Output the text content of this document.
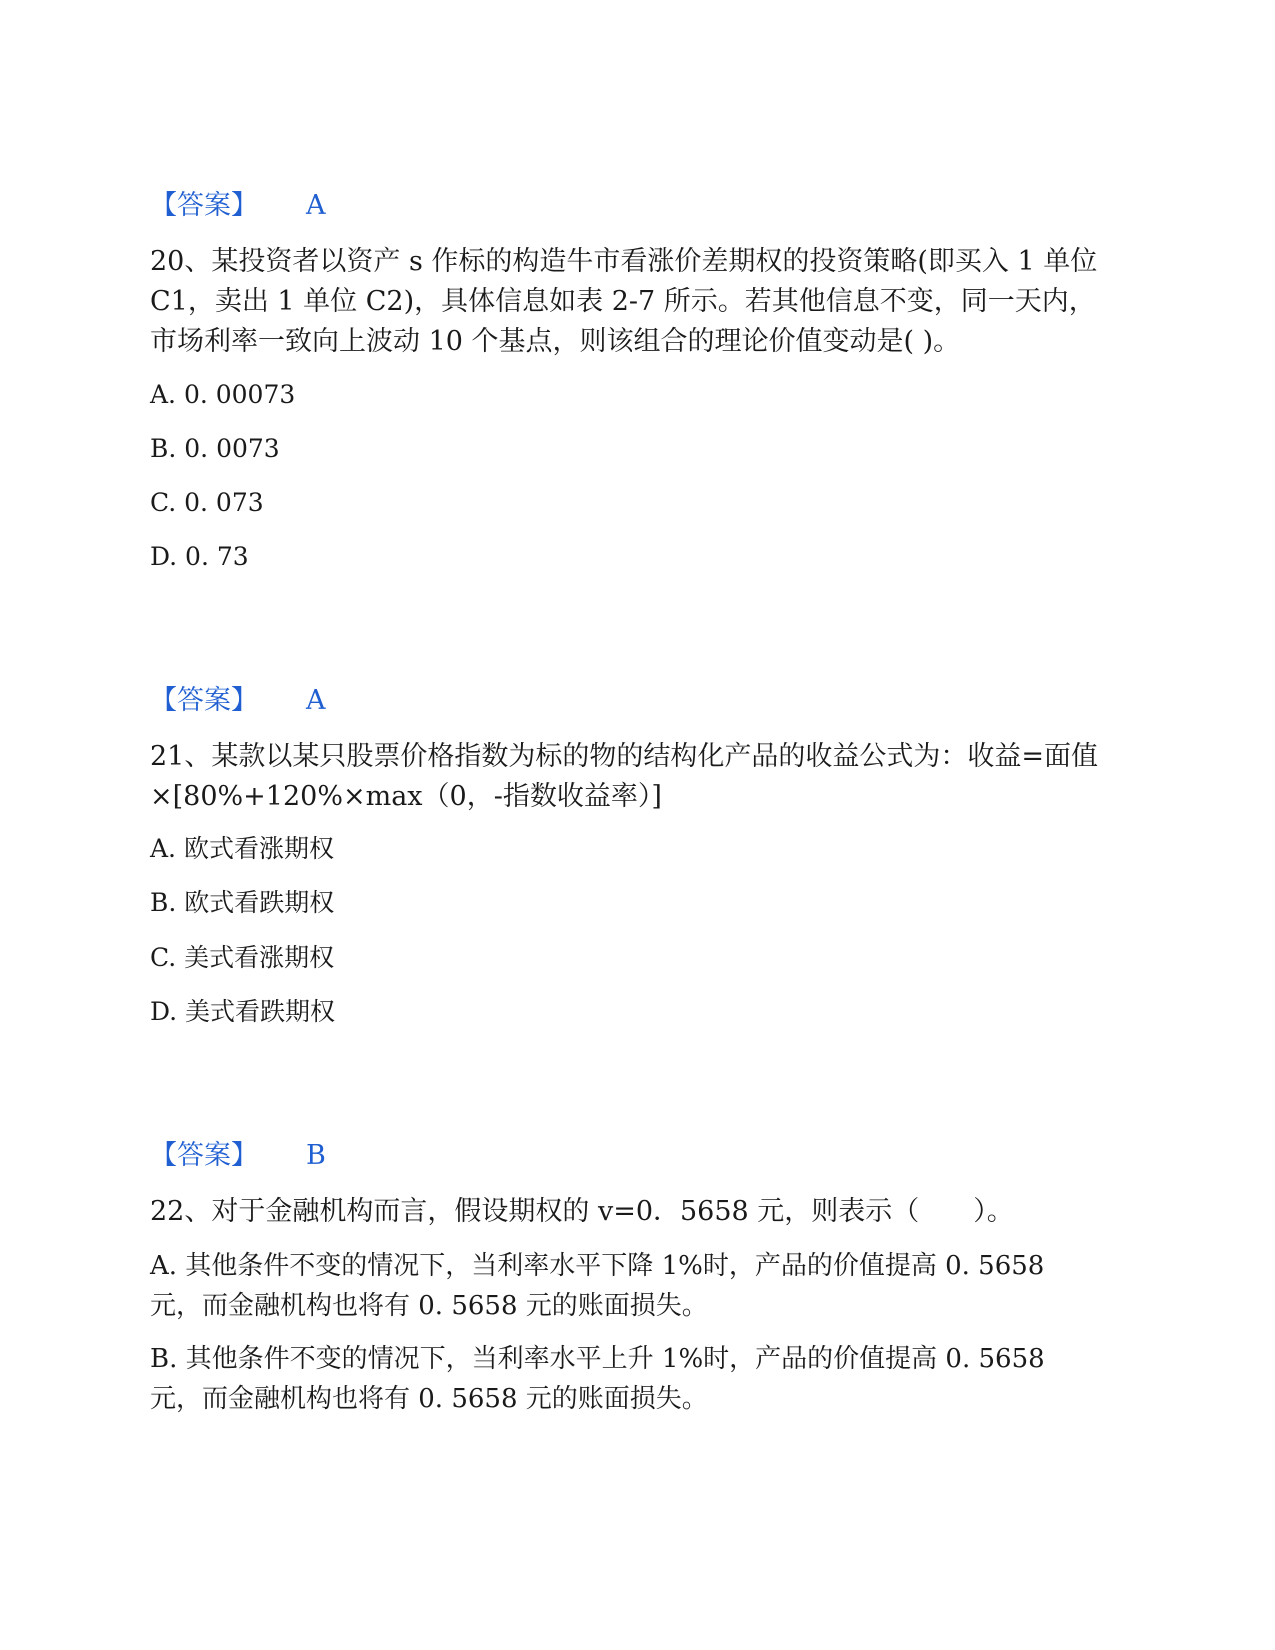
【答案】 A

20、某投资者以资产 s 作标的构造牛市看涨价差期权的投资策略(即买入 1 单位 C1，卖出 1 单位 C2)，具体信息如表 2-7 所示。若其他信息不变，同一天内，市场利率一致向上波动 10 个基点，则该组合的理论价值变动是( )。

A. 0. 00073

B. 0. 0073

C. 0. 073

D. 0. 73

【答案】 A

21、某款以某只股票价格指数为标的物的结构化产品的收益公式为：收益=面值×[80%+120%×max（0，-指数收益率）]

A. 欧式看涨期权

B. 欧式看跌期权

C. 美式看涨期权

D. 美式看跌期权

【答案】 B

22、对于金融机构而言，假设期权的 v=0．5658 元，则表示（　　）。

A. 其他条件不变的情况下，当利率水平下降 1%时，产品的价值提高 0. 5658 元，而金融机构也将有 0. 5658 元的账面损失。

B. 其他条件不变的情况下，当利率水平上升 1%时，产品的价值提高 0. 5658 元，而金融机构也将有 0. 5658 元的账面损失。
